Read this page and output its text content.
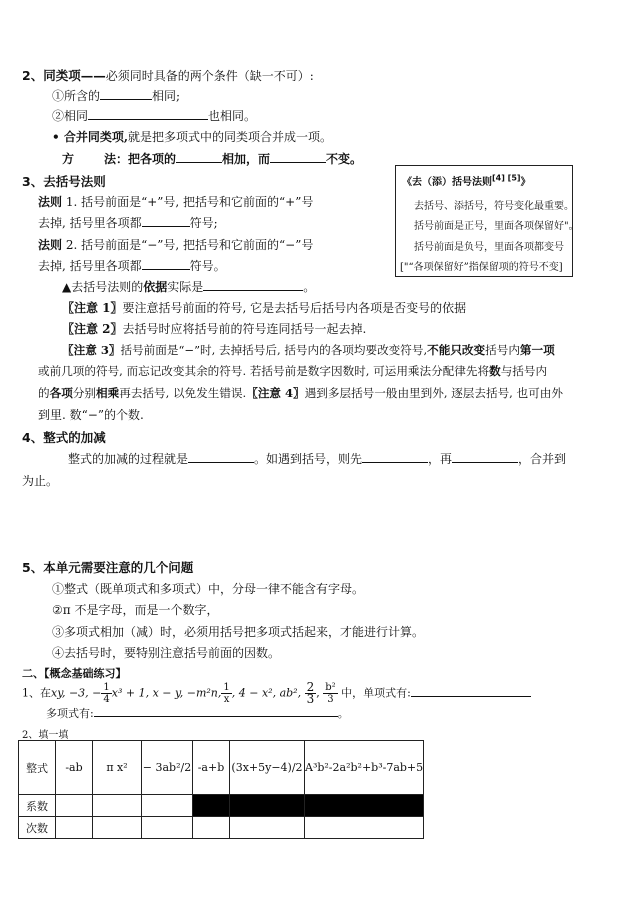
2、同类项——必须同时具备的两个条件（缺一不可）:
①所含的	相同;
②相同	也相同。
• 合并同类项,就是把多项式中的同类项合并成一项。
方	法：把各项的	相加，而	不变。
3、去括号法则
法则 1. 括号前面是“+”号, 把括号和它前面的“+”号
去掉, 括号里各项都	符号;
法则 2. 括号前面是“−”号, 把括号和它前面的“−”号
去掉, 括号里各项都	符号。
▲去括号法则的依据实际是	。
〖注意 1〗要注意括号前面的符号, 它是去括号后括号内各项是否变号的依据
〖注意 2〗去括号时应将括号前的符号连同括号一起去掉.
〖注意 3〗括号前面是“−”时, 去掉括号后, 括号内的各项均要改变符号,不能只改变括号内第一项
或前几项的符号, 而忘记改变其余的符号. 若括号前是数字因数时, 可运用乘法分配律先将数与括号内
的各项分别相乘再去括号, 以免发生错误.〖注意 4〗遇到多层括号一般由里到外, 逐层去括号, 也可由外
到里. 数“−”的个数.
《去（添）括号法则[4] [5]》
去括号、添括号，符号变化最重要。
括号前面是正号，里面各项保留好"。
括号前面是负号，里面各项都变号
["“各项保留好”指保留项的符号不变]
4、整式的加减
整式的加减的过程就是	。如遇到括号，则先	，再	，合并到
为止。
5、本单元需要注意的几个问题
①整式（既单项式和多项式）中，分母一律不能含有字母。
②π 不是字母，而是一个数字，
③多项式相加（减）时，必须用括号把多项式括起来，才能进行计算。
④去括号时，要特别注意括号前面的因数。
二、【概念基础练习】
1、在xy, −3, − $\frac{1}{4} x^3 + 1$, x − y, −m²n, $\frac{1}{x}$ , 4 − x², ab², $\frac{2}{3}$ , $\frac{\text{b²}}{3}$ 中，单项式有:
多项式有:	。
2、填一填
整式	-ab	π x²	− 3ab²/2	-a+b	(3x+5y−4)/2	A³b²-2a²b²+b³-7ab+5
系数						
次数						
